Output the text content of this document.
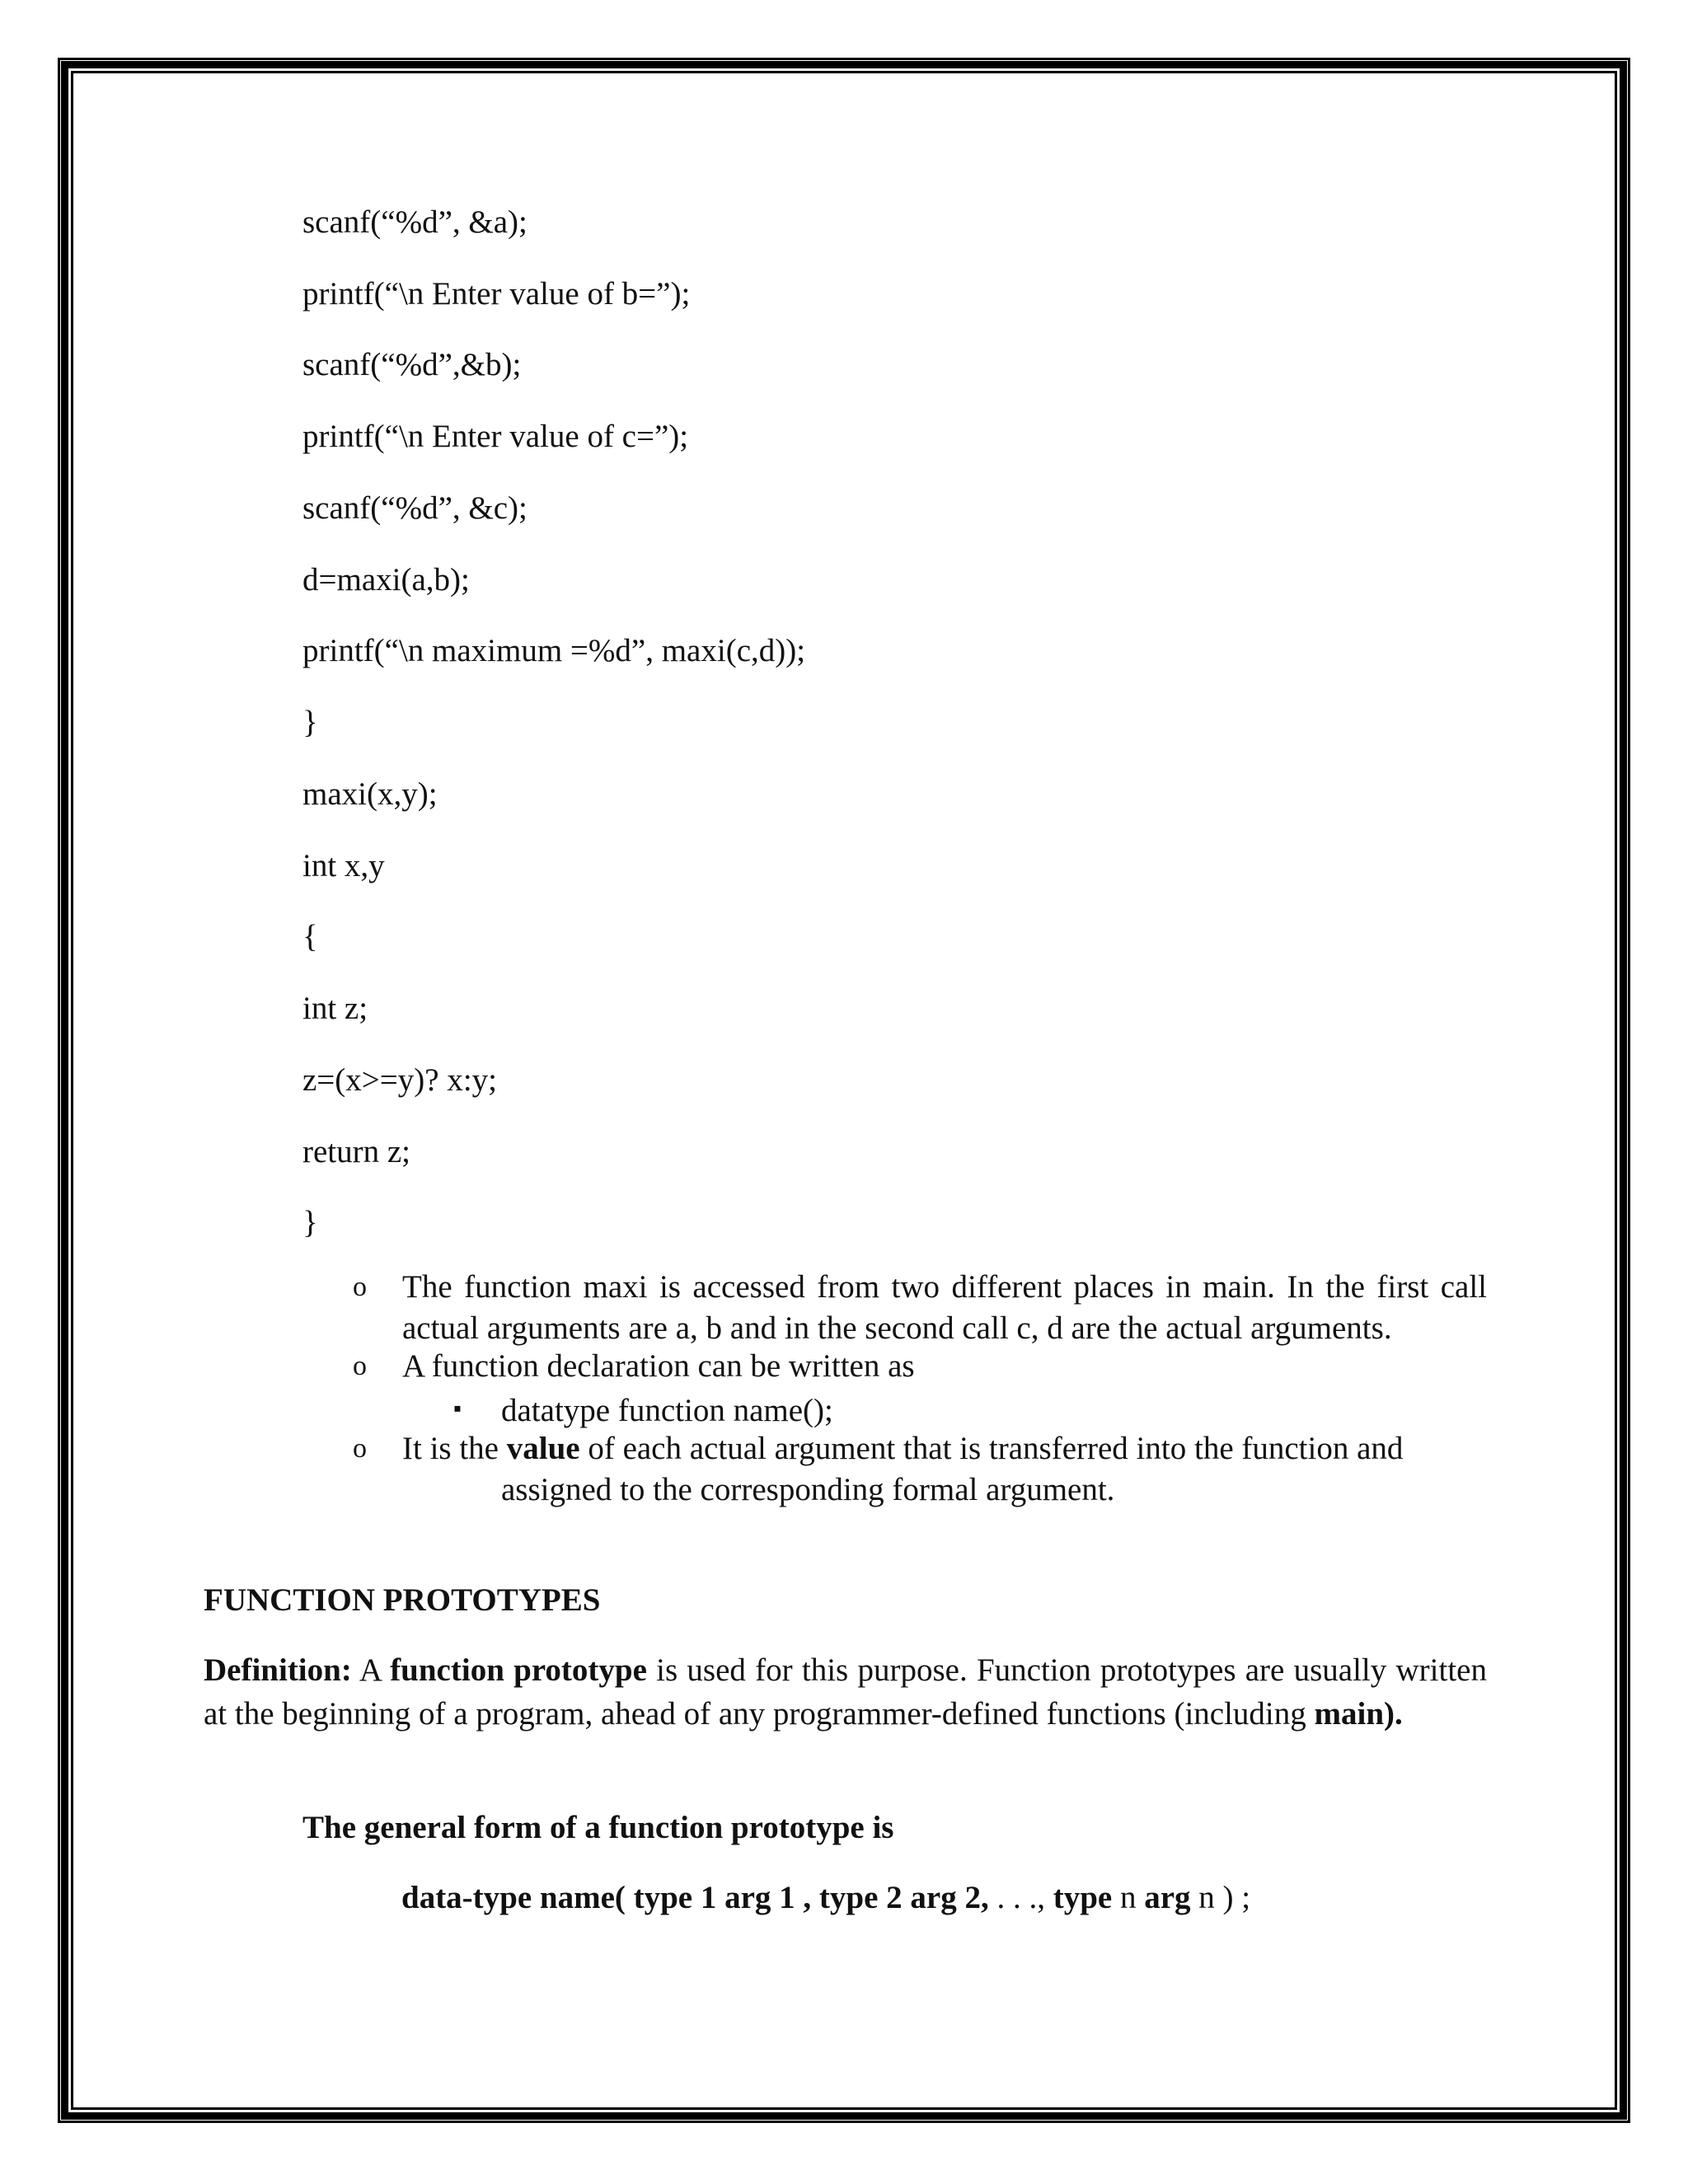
scanf(“%d”, &a);
printf(“\n Enter value of b=”);
scanf(“%d”,&b);
printf(“\n Enter value of c=”);
scanf(“%d”, &c);
d=maxi(a,b);
printf(“\n maximum =%d”, maxi(c,d));
}
maxi(x,y);
int x,y
{
int z;
z=(x>=y)? x:y;
return z;
}
o The function maxi is accessed from two different places in main. In the first call actual arguments are a, b and in the second call c, d are the actual arguments.
o A function declaration can be written as
▪ datatype function name();
o It is the value of each actual argument that is transferred into the function and
assigned to the corresponding formal argument.
FUNCTION PROTOTYPES
Definition: A function prototype is used for this purpose. Function prototypes are usually written at the beginning of a program, ahead of any programmer-defined functions (including main).
The general form of a function prototype is
data-type name( type 1 arg 1 , type 2 arg 2, . . ., type n arg n ) ;
